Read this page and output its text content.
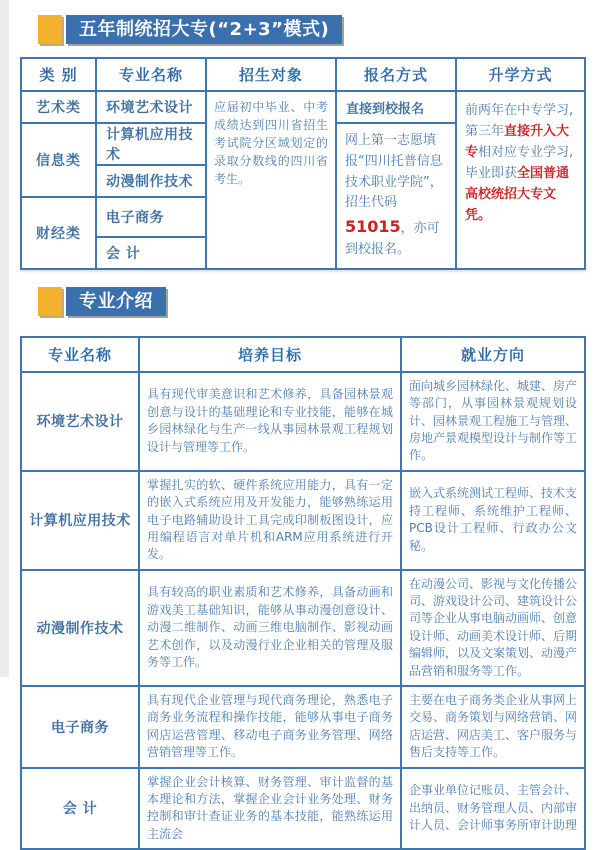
五年制统招大专(“2+3”模式)
类 别	专业名称	招生对象	报名方式	升学方式
艺术类	环境艺术设计	应届初中毕业、中考成绩达到四川省招生考试院分区域划定的录取分数线的四川省考生。	直接到校报名	前两年在中专学习,第三年直接升入大专相对应专业学习,毕业即获全国普通高校统招大专文凭。
信息类	计算机应用技术		网上第一志愿填报“四川托普信息技术职业学院”，招生代码51015，亦可到校报名。	
	动漫制作技术			
财经类	电子商务			
	会 计			
专业介绍
专业名称	培养目标	就业方向
环境艺术设计	具有现代审美意识和艺术修养，具备园林景观创意与设计的基础理论和专业技能，能够在城乡园林绿化与生产一线从事园林景观工程规划设计与管理等工作。	面向城乡园林绿化、城建、房产等部门，从事园林景观规划设计、园林景观工程施工与管理、房地产景观模型设计与制作等工作。
计算机应用技术	掌握扎实的软、硬件系统应用能力，具有一定的嵌入式系统应用及开发能力，能够熟练运用电子电路辅助设计工具完成印制板图设计，应用编程语言对单片机和ARM应用系统进行开发。	嵌入式系统测试工程师、技术支持工程师、系统维护工程师、PCB设计工程师、行政办公文秘。
动漫制作技术	具有较高的职业素质和艺术修养，具备动画和游戏美工基础知识，能够从事动漫创意设计、动漫二维制作、动画三维电脑制作、影视动画艺术创作，以及动漫行业企业相关的管理及服务等工作。	在动漫公司、影视与文化传播公司、游戏设计公司、建筑设计公司等企业从事电脑动画师、创意设计师、动画美术设计师、后期编辑师，以及文案策划、动漫产品营销和服务等工作。
电子商务	具有现代企业管理与现代商务理论，熟悉电子商务业务流程和操作技能，能够从事电子商务网店运营管理、移动电子商务业务管理、网络营销管理等工作。	主要在电子商务类企业从事网上交易、商务策划与网络营销、网店运营、网店美工、客户服务与售后支持等工作。
会 计	掌握企业会计核算、财务管理、审计监督的基本理论和方法，掌握企业会计业务处理、财务控制和审计查证业务的基本技能，能熟练运用主流会	企事业单位记账员、主管会计、出纳员、财务管理人员、内部审计人员、会计师事务所审计助理
